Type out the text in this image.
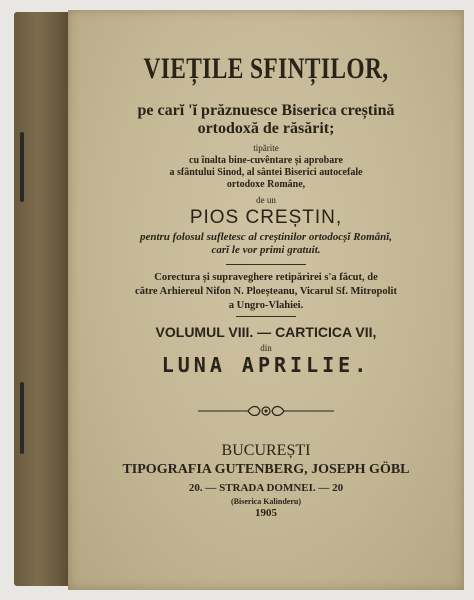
VIEȚILE SFINȚILOR,
pe carĭ 'ĭ prăznuesce Biserica creștină
ortodoxă de răsărit;
tipărite
cu înalta bine-cuvêntare și aprobare
a sfântului Sinod, al sântei Biserici autocefale
ortodoxe Române,
de un
PIOS CREȘTIN,
pentru folosul sufletesc al creștinilor ortodocșĭ Românĭ,
carĭ le vor primi gratuit.
Corectura și supraveghere retipărirei s'a făcut, de
către Arhiereul Nifon N. Ploeșteanu, Vicarul Sf. Mitropolit
a Ungro-Vlahiei.
VOLUMUL VIII. — CARTICICA VII,
din
LUNA APRILIE.
BUCUREȘTI
TIPOGRAFIA GUTENBERG, JOSEPH GÖBL
20. — STRADA DOMNEI. — 20
(Biserica Kalinderu)
1905
